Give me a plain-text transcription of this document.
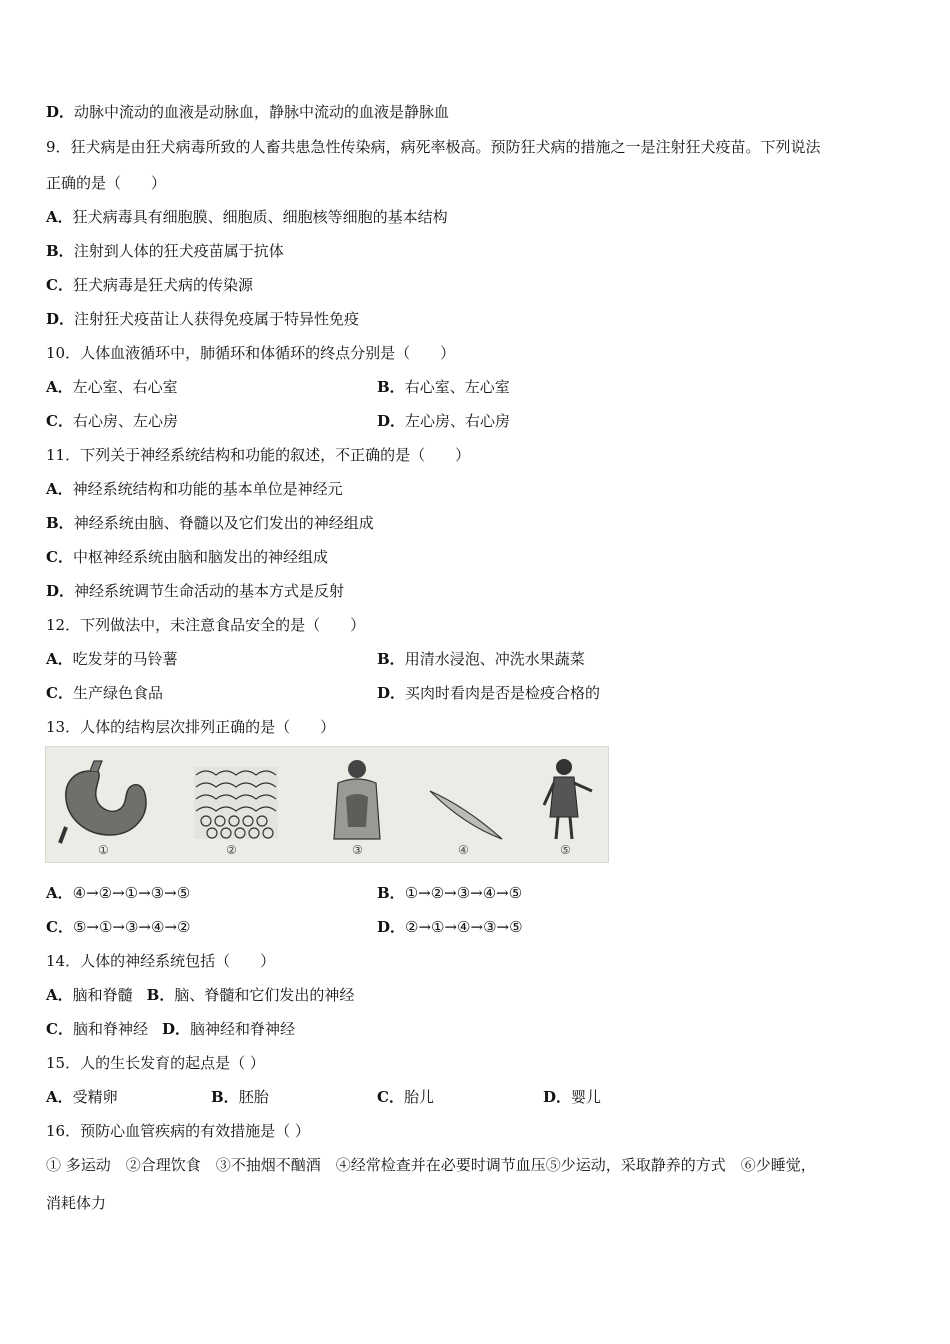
D．动脉中流动的血液是动脉血，静脉中流动的血液是静脉血
9．狂犬病是由狂犬病毒所致的人畜共患急性传染病，病死率极高。预防狂犬病的措施之一是注射狂犬疫苗。下列说法
正确的是（　　）
A．狂犬病毒具有细胞膜、细胞质、细胞核等细胞的基本结构
B．注射到人体的狂犬疫苗属于抗体
C．狂犬病毒是狂犬病的传染源
D．注射狂犬疫苗让人获得免疫属于特异性免疫
10．人体血液循环中，肺循环和体循环的终点分别是（　　）
A．左心室、右心室	B．右心室、左心室
C．右心房、左心房	D．左心房、右心房
11．下列关于神经系统结构和功能的叙述，不正确的是（　　）
A．神经系统结构和功能的基本单位是神经元
B．神经系统由脑、脊髓以及它们发出的神经组成
C．中枢神经系统由脑和脑发出的神经组成
D．神经系统调节生命活动的基本方式是反射
12．下列做法中，未注意食品安全的是（　　）
A．吃发芽的马铃薯	B．用清水浸泡、冲洗水果蔬菜
C．生产绿色食品	D．买肉时看肉是否是检疫合格的
13．人体的结构层次排列正确的是（　　）
①	②	③	④	⑤
A．④→②→①→③→⑤	B．①→②→③→④→⑤
C．⑤→①→③→④→②	D．②→①→④→③→⑤
14．人体的神经系统包括（　　）
A．脑和脊髓 B．脑、脊髓和它们发出的神经
C．脑和脊神经 D．脑神经和脊神经
15．人的生长发育的起点是（ ）
A．受精卵	B．胚胎	C．胎儿	D．婴儿
16．预防心血管疾病的有效措施是（ ）
① 多运动　②合理饮食　③不抽烟不酗酒　④经常检查并在必要时调节血压⑤少运动，采取静养的方式　⑥少睡觉，
消耗体力
